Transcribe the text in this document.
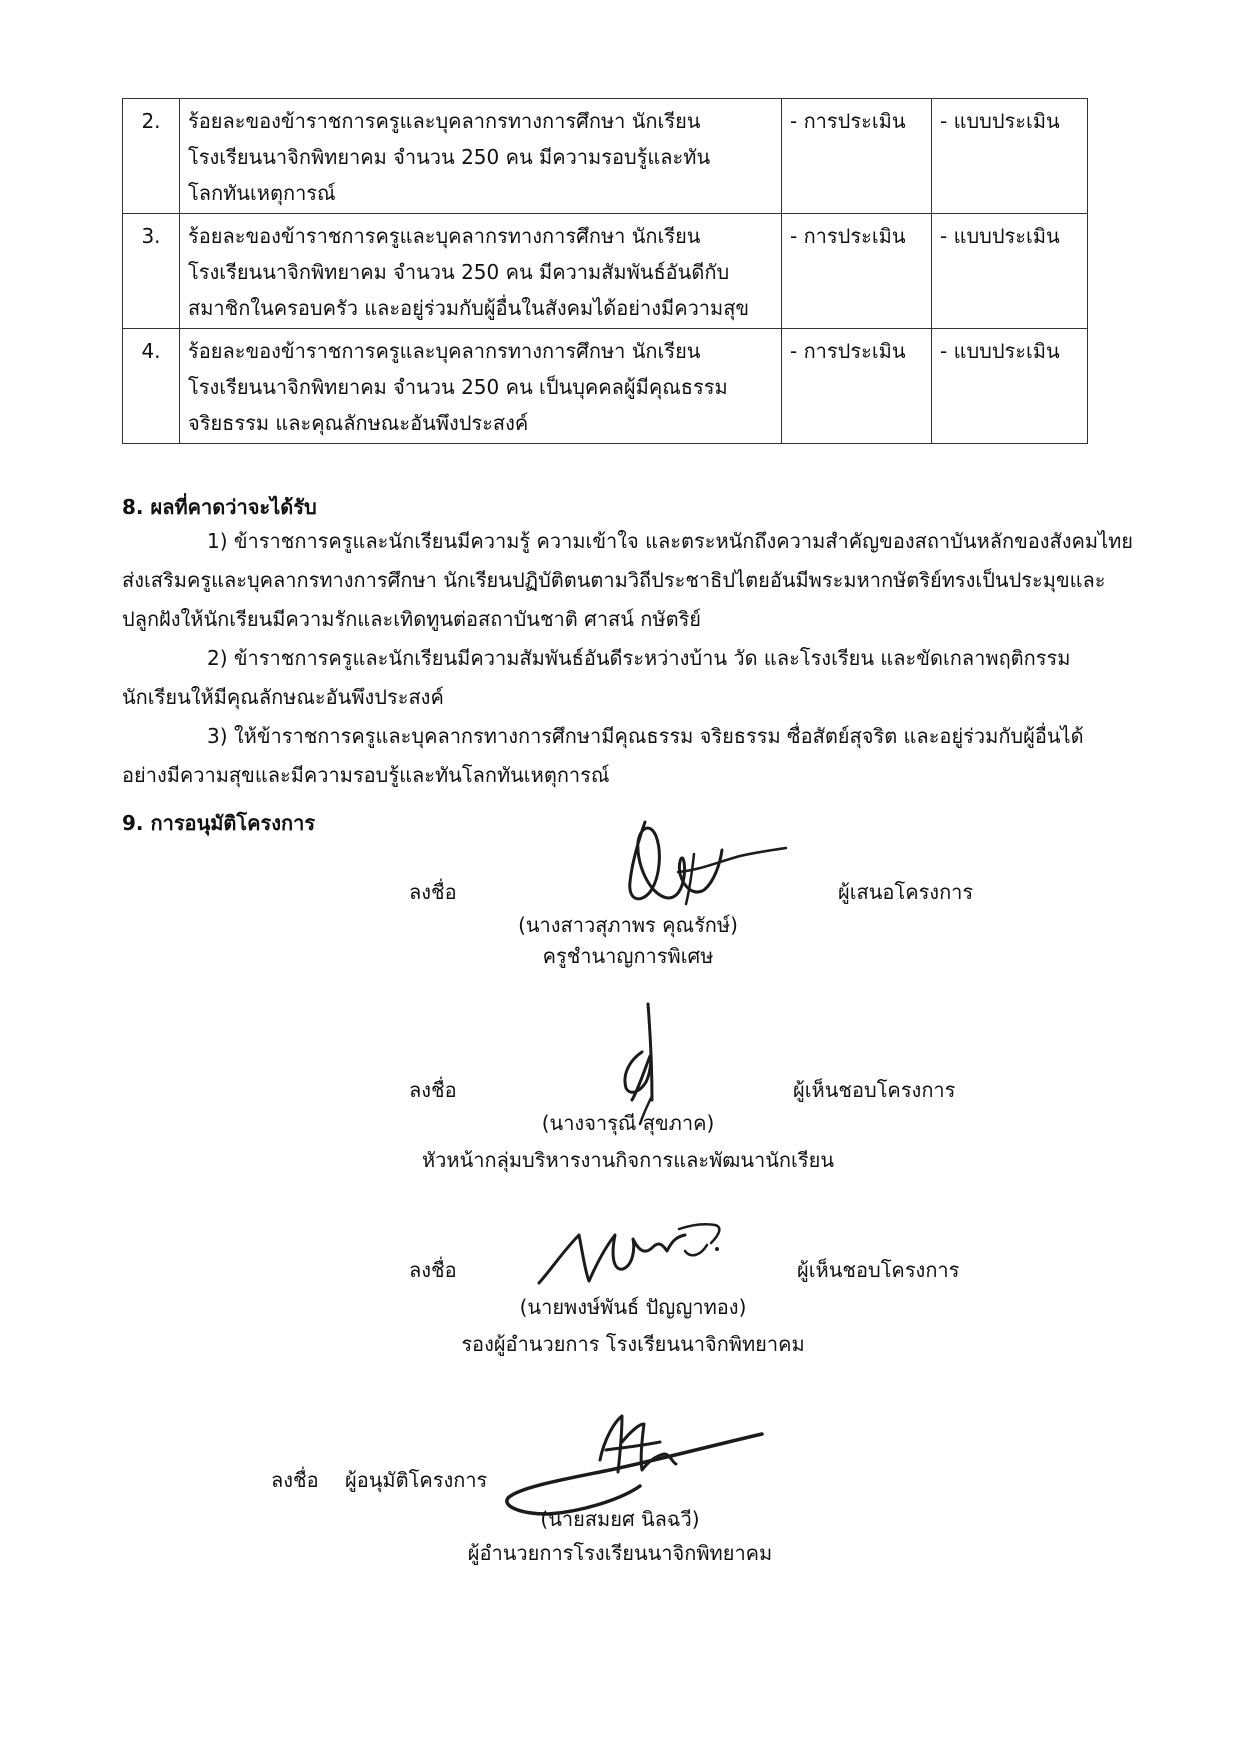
2.	ร้อยละของข้าราชการครูและบุคลากรทางการศึกษา นักเรียน
โรงเรียนนาจิกพิทยาคม จำนวน 250 คน มีความรอบรู้และทัน
โลกทันเหตุการณ์	- การประเมิน	- แบบประเมิน
3.	ร้อยละของข้าราชการครูและบุคลากรทางการศึกษา นักเรียน
โรงเรียนนาจิกพิทยาคม จำนวน 250 คน มีความสัมพันธ์อันดีกับ
สมาชิกในครอบครัว และอยู่ร่วมกับผู้อื่นในสังคมได้อย่างมีความสุข	- การประเมิน	- แบบประเมิน
4.	ร้อยละของข้าราชการครูและบุคลากรทางการศึกษา นักเรียน
โรงเรียนนาจิกพิทยาคม จำนวน 250 คน เป็นบุคคลผู้มีคุณธรรม
จริยธรรม และคุณลักษณะอันพึงประสงค์	- การประเมิน	- แบบประเมิน
8. ผลที่คาดว่าจะได้รับ
1) ข้าราชการครูและนักเรียนมีความรู้ ความเข้าใจ และตระหนักถึงความสำคัญของสถาบันหลักของสังคมไทย
ส่งเสริมครูและบุคลากรทางการศึกษา นักเรียนปฏิบัติตนตามวิถีประชาธิปไตยอันมีพระมหากษัตริย์ทรงเป็นประมุขและ
ปลูกฝังให้นักเรียนมีความรักและเทิดทูนต่อสถาบันชาติ ศาสน์ กษัตริย์
2) ข้าราชการครูและนักเรียนมีความสัมพันธ์อันดีระหว่างบ้าน วัด และโรงเรียน และขัดเกลาพฤติกรรม
นักเรียนให้มีคุณลักษณะอันพึงประสงค์
3) ให้ข้าราชการครูและบุคลากรทางการศึกษามีคุณธรรม จริยธรรม ซื่อสัตย์สุจริต และอยู่ร่วมกับผู้อื่นได้
อย่างมีความสุขและมีความรอบรู้และทันโลกทันเหตุการณ์
9. การอนุมัติโครงการ
ลงชื่อ	ผู้เสนอโครงการ
(นางสาวสุภาพร คุณรักษ์)
ครูชำนาญการพิเศษ
ลงชื่อ	ผู้เห็นชอบโครงการ
(นางจารุณี สุขภาค)
หัวหน้ากลุ่มบริหารงานกิจการและพัฒนานักเรียน
ลงชื่อ	ผู้เห็นชอบโครงการ
(นายพงษ์พันธ์ ปัญญาทอง)
รองผู้อำนวยการ โรงเรียนนาจิกพิทยาคม
ลงชื่อ ผู้อนุมัติโครงการ
(นายสมยศ นิลฉวี)
ผู้อำนวยการโรงเรียนนาจิกพิทยาคม
